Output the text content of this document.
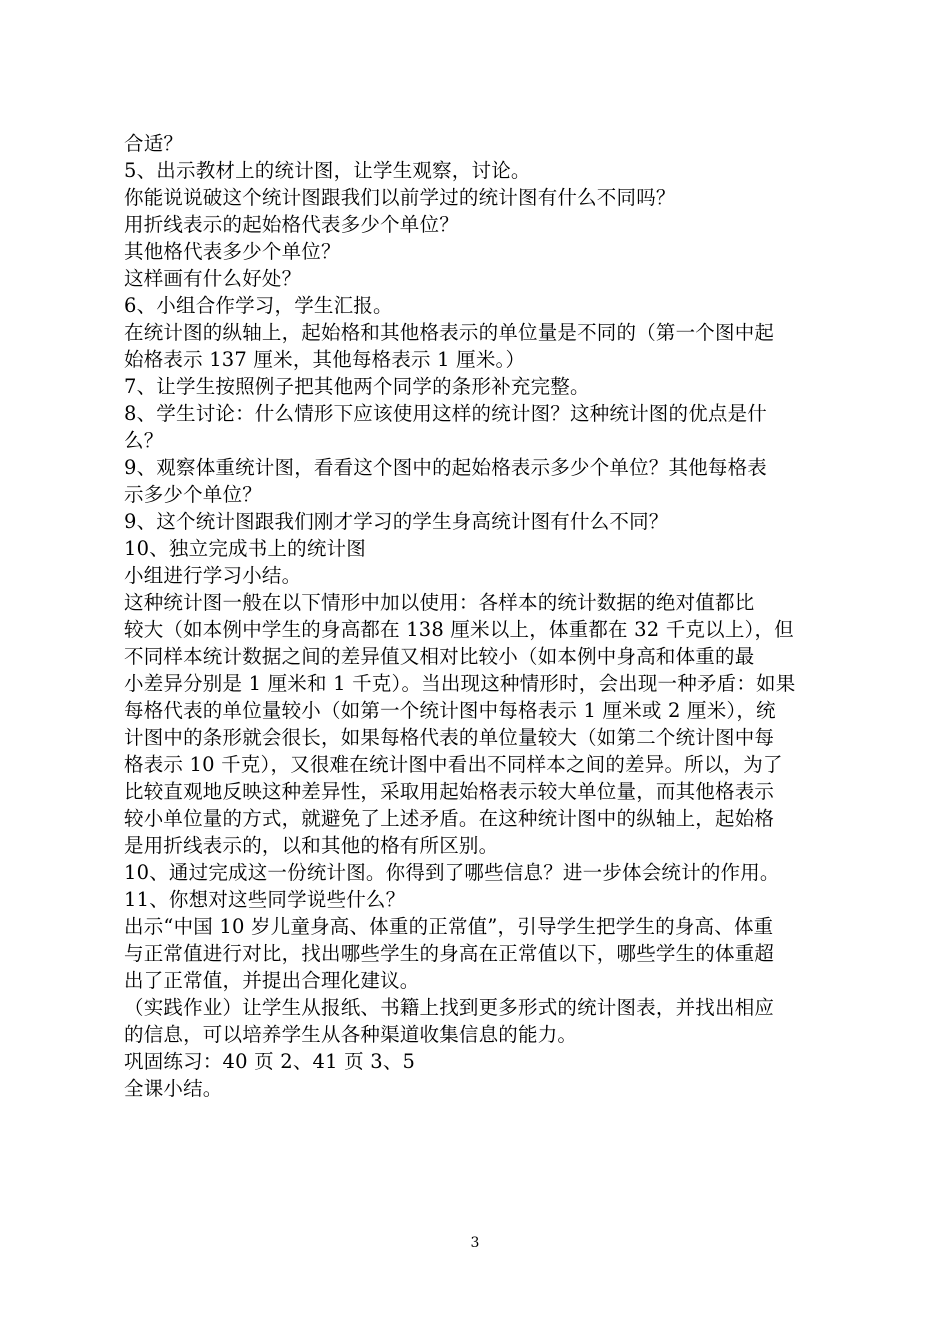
合适？
5、出示教材上的统计图，让学生观察，讨论。
你能说说破这个统计图跟我们以前学过的统计图有什么不同吗？
用折线表示的起始格代表多少个单位？
其他格代表多少个单位？
这样画有什么好处？
6、小组合作学习，学生汇报。
在统计图的纵轴上，起始格和其他格表示的单位量是不同的（第一个图中起
始格表示 137 厘米，其他每格表示 1 厘米。）
7、让学生按照例子把其他两个同学的条形补充完整。
8、学生讨论：什么情形下应该使用这样的统计图？这种统计图的优点是什
么？
9、观察体重统计图，看看这个图中的起始格表示多少个单位？其他每格表
示多少个单位？
9、这个统计图跟我们刚才学习的学生身高统计图有什么不同？
10、独立完成书上的统计图
小组进行学习小结。
这种统计图一般在以下情形中加以使用：各样本的统计数据的绝对值都比
较大（如本例中学生的身高都在 138 厘米以上，体重都在 32 千克以上），但
不同样本统计数据之间的差异值又相对比较小（如本例中身高和体重的最
小差异分别是 1 厘米和 1 千克）。当出现这种情形时，会出现一种矛盾：如果
每格代表的单位量较小（如第一个统计图中每格表示 1 厘米或 2 厘米），统
计图中的条形就会很长，如果每格代表的单位量较大（如第二个统计图中每
格表示 10 千克），又很难在统计图中看出不同样本之间的差异。所以，为了
比较直观地反映这种差异性，采取用起始格表示较大单位量，而其他格表示
较小单位量的方式，就避免了上述矛盾。在这种统计图中的纵轴上，起始格
是用折线表示的，以和其他的格有所区别。
10、通过完成这一份统计图。你得到了哪些信息？进一步体会统计的作用。
11、你想对这些同学说些什么？
出示“中国 10 岁儿童身高、体重的正常值”，引导学生把学生的身高、体重
与正常值进行对比，找出哪些学生的身高在正常值以下，哪些学生的体重超
出了正常值，并提出合理化建议。
（实践作业）让学生从报纸、书籍上找到更多形式的统计图表，并找出相应
的信息，可以培养学生从各种渠道收集信息的能力。
巩固练习：40 页 2、41 页 3、5
全课小结。
3
